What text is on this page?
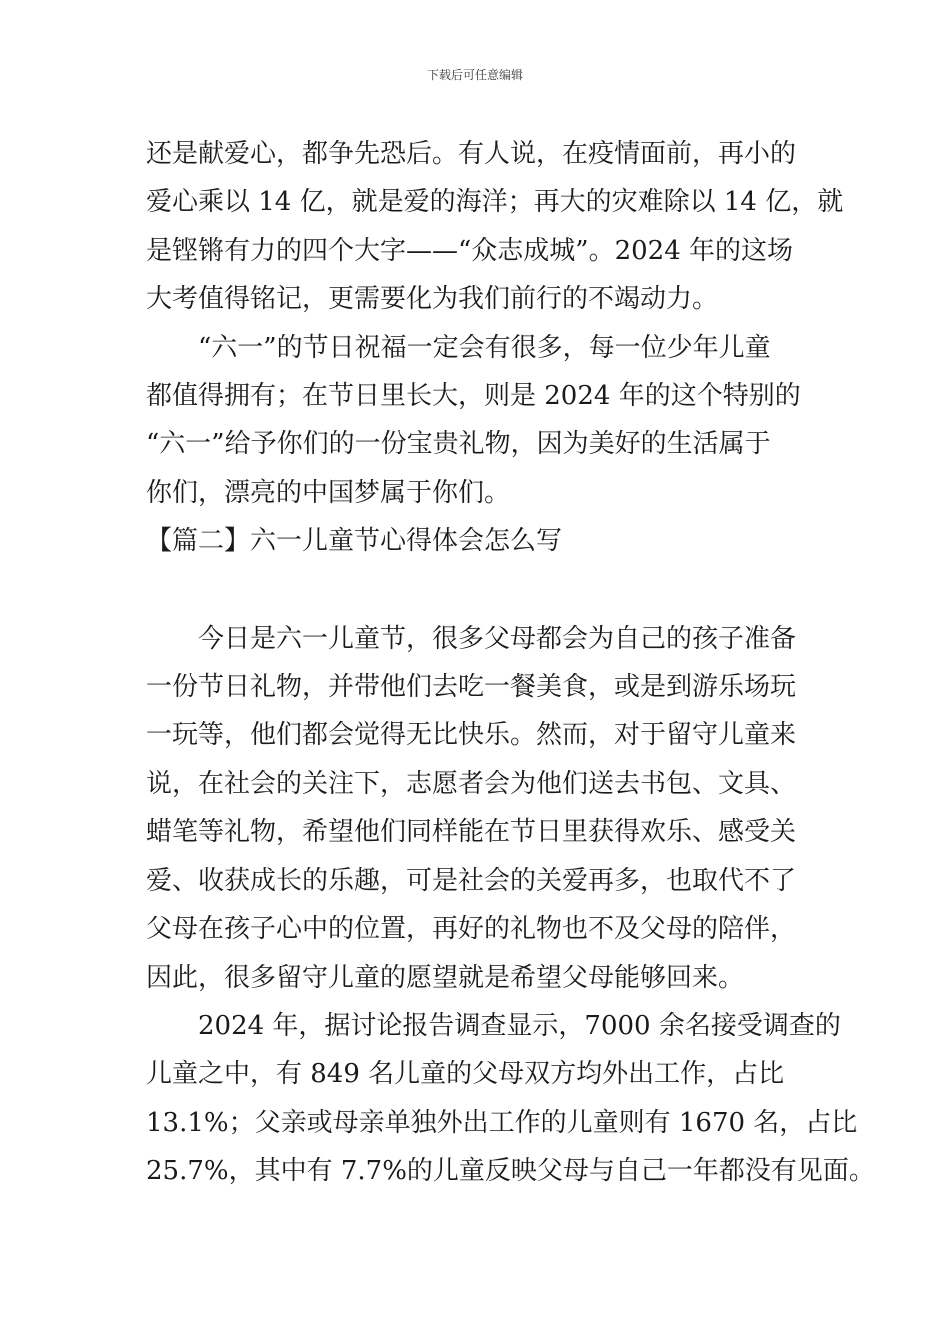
下载后可任意编辑

还是献爱心，都争先恐后。有人说，在疫情面前，再小的

爱心乘以 14 亿，就是爱的海洋；再大的灾难除以 14 亿，就

是铿锵有力的四个大字——“众志成城”。2024 年的这场

大考值得铭记，更需要化为我们前行的不竭动力。

“六一”的节日祝福一定会有很多，每一位少年儿童

都值得拥有；在节日里长大，则是 2024 年的这个特别的

“六一”给予你们的一份宝贵礼物，因为美好的生活属于

你们，漂亮的中国梦属于你们。

【篇二】六一儿童节心得体会怎么写

今日是六一儿童节，很多父母都会为自己的孩子准备

一份节日礼物，并带他们去吃一餐美食，或是到游乐场玩

一玩等，他们都会觉得无比快乐。然而，对于留守儿童来

说，在社会的关注下，志愿者会为他们送去书包、文具、

蜡笔等礼物，希望他们同样能在节日里获得欢乐、感受关

爱、收获成长的乐趣，可是社会的关爱再多，也取代不了

父母在孩子心中的位置，再好的礼物也不及父母的陪伴，

因此，很多留守儿童的愿望就是希望父母能够回来。

2024 年，据讨论报告调查显示，7000 余名接受调查的

儿童之中，有 849 名儿童的父母双方均外出工作，占比

13.1%；父亲或母亲单独外出工作的儿童则有 1670 名，占比

25.7%，其中有 7.7%的儿童反映父母与自己一年都没有见面。
